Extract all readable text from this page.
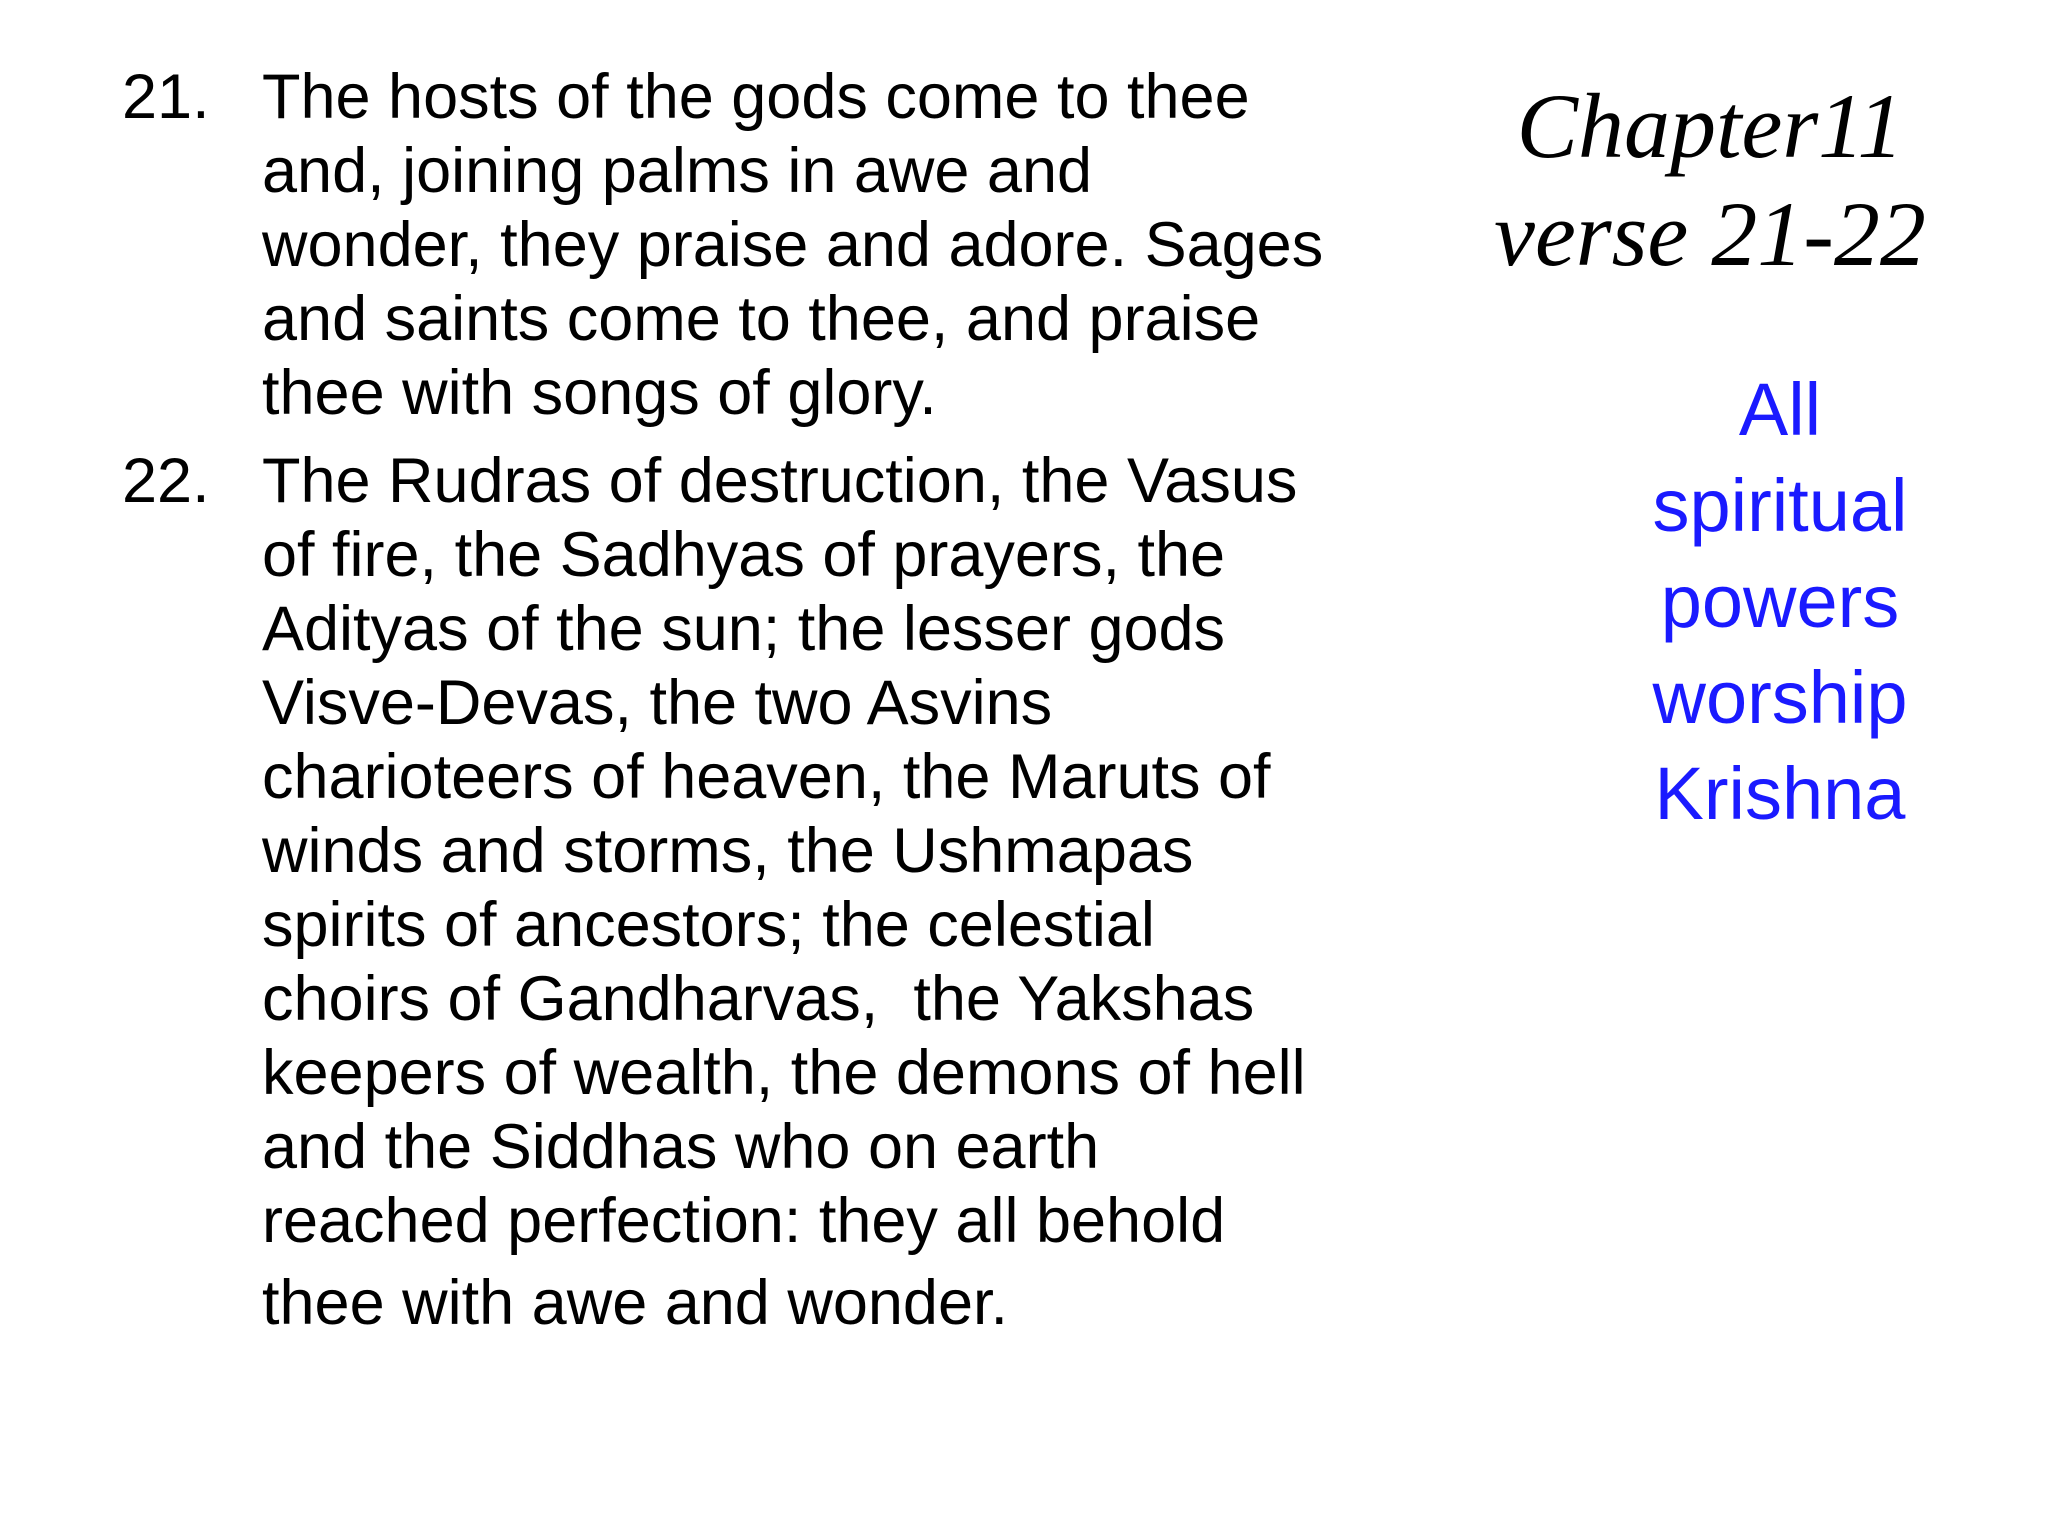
21. The hosts of the gods come to thee
and, joining palms in awe and
wonder, they praise and adore. Sages
and saints come to thee, and praise
thee with songs of glory.
22. The Rudras of destruction, the Vasus
of fire, the Sadhyas of prayers, the
Adityas of the sun; the lesser gods
Visve-Devas, the two Asvins
charioteers of heaven, the Maruts of
winds and storms, the Ushmapas
spirits of ancestors; the celestial
choirs of Gandharvas,  the Yakshas
keepers of wealth, the demons of hell
and the Siddhas who on earth
reached perfection: they all behold
thee with awe and wonder.
Chapter11
verse 21-22
All
spiritual
powers
worship
Krishna
